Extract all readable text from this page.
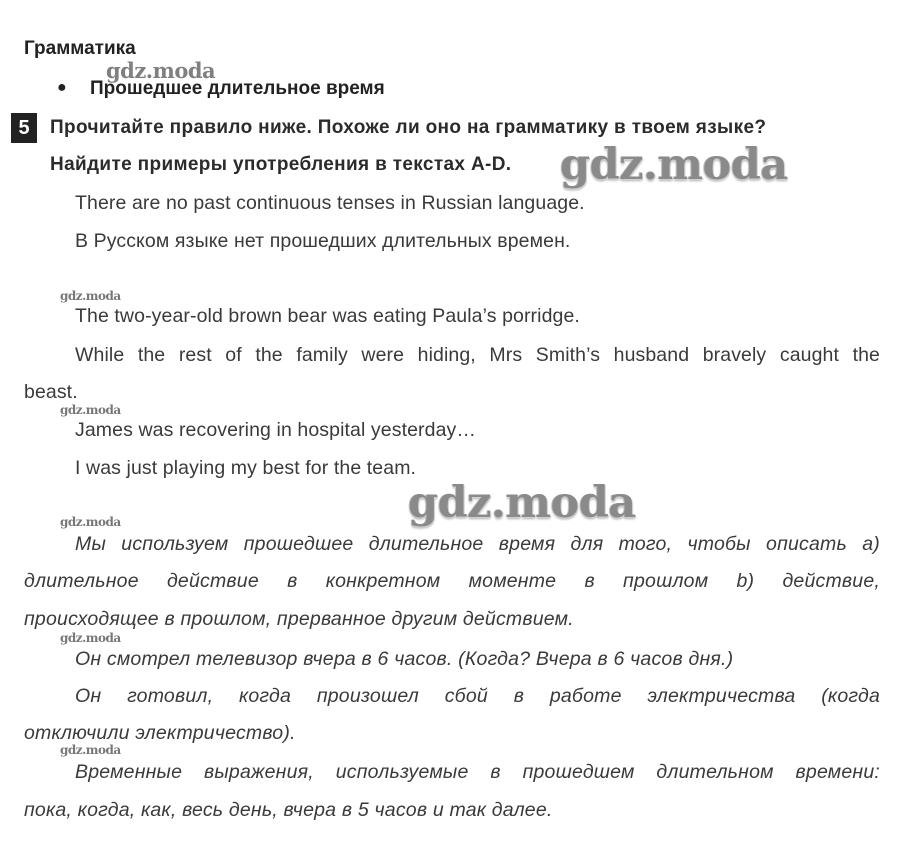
Грамматика
● Прошедшее длительное время
5	Прочитайте правило ниже. Похоже ли оно на грамматику в твоем языке?
Найдите примеры употребления в текстах A-D.
There are no past continuous tenses in Russian language.
В Русском языке нет прошедших длительных времен.
The two-year-old brown bear was eating Paula’s porridge.
While the rest of the family were hiding, Mrs Smith’s husband bravely caught the
beast.
James was recovering in hospital yesterday…
I was just playing my best for the team.
Мы используем прошедшее длительное время для того, чтобы описать a)
длительное действие в конкретном моменте в прошлом b) действие,
происходящее в прошлом, прерванное другим действием.
Он смотрел телевизор вчера в 6 часов. (Когда? Вчера в 6 часов дня.)
Он готовил, когда произошел сбой в работе электричества (когда
отключили электричество).
Временные выражения, используемые в прошедшем длительном времени:
пока, когда, как, весь день, вчера в 5 часов и так далее.
gdz.moda
gdz.moda
gdz.moda
gdz.moda
gdz.moda
gdz.moda
gdz.moda
gdz.moda
